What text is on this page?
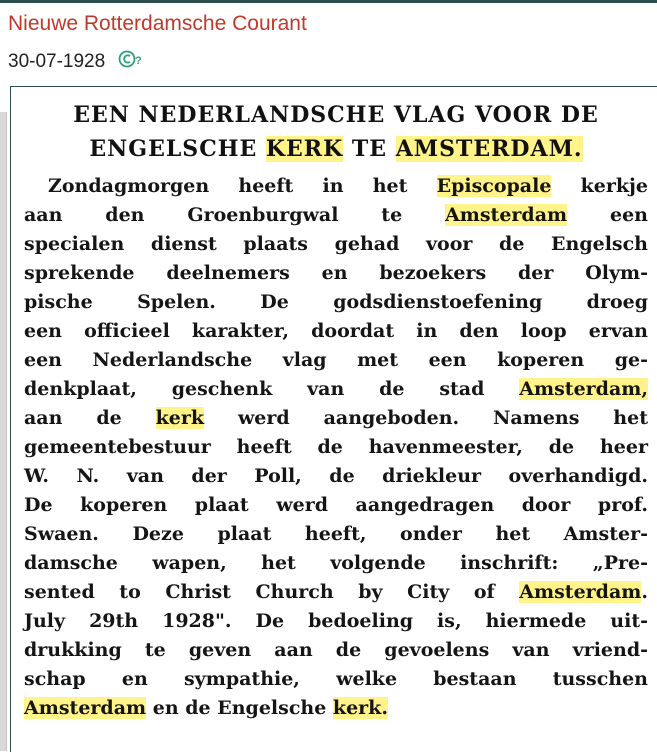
Nieuwe Rotterdamsche Courant
30-07-1928	?
EEN NEDERLANDSCHE VLAG VOOR DE
ENGELSCHE KERK TE AMSTERDAM.
Zondagmorgen heeft in het Episcopale kerkje
aan den Groenburgwal te Amsterdam een
specialen dienst plaats gehad voor de Engelsch
sprekende deelnemers en bezoekers der Olym-
pische Spelen. De godsdienstoefening droeg
een officieel karakter, doordat in den loop ervan
een Nederlandsche vlag met een koperen ge-
denkplaat, geschenk van de stad Amsterdam,
aan de kerk werd aangeboden. Namens het
gemeentebestuur heeft de havenmeester, de heer
W. N. van der Poll, de driekleur overhandigd.
De koperen plaat werd aangedragen door prof.
Swaen. Deze plaat heeft, onder het Amster-
damsche wapen, het volgende inschrift: „Pre-
sented to Christ Church by City of Amsterdam.
July 29th 1928". De bedoeling is, hiermede uit-
drukking te geven aan de gevoelens van vriend-
schap en sympathie, welke bestaan tusschen
Amsterdam en de Engelsche kerk.
